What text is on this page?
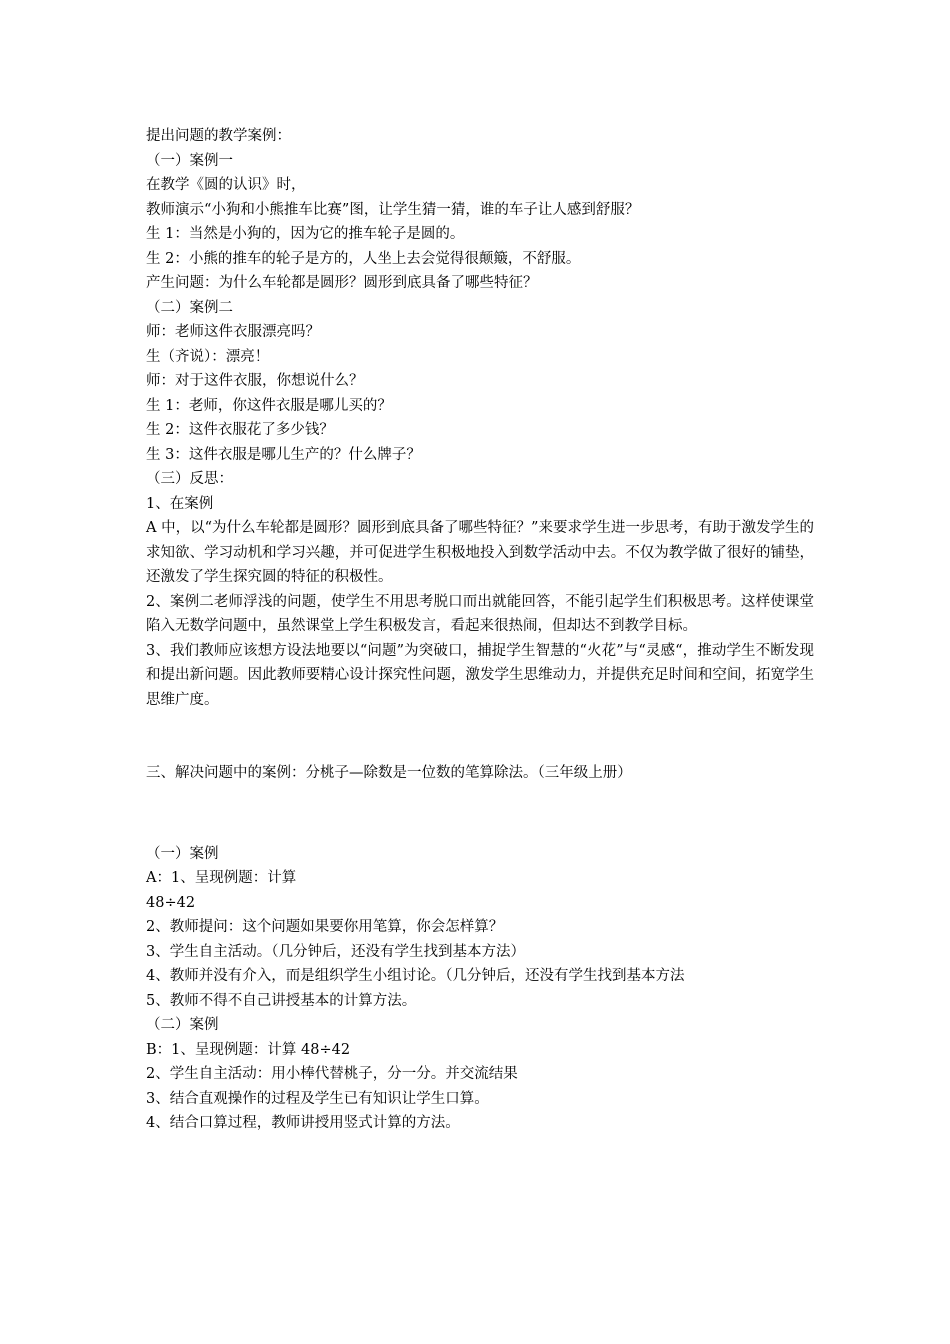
提出问题的教学案例：
（一）案例一
在教学《圆的认识》时，
教师演示“小狗和小熊推车比赛”图，让学生猜一猜，谁的车子让人感到舒服？
生 1：当然是小狗的，因为它的推车轮子是圆的。
生 2：小熊的推车的轮子是方的，人坐上去会觉得很颠簸，不舒服。
产生问题：为什么车轮都是圆形？圆形到底具备了哪些特征？
（二）案例二
师：老师这件衣服漂亮吗？
生（齐说）：漂亮！
师：对于这件衣服，你想说什么？
生 1：老师，你这件衣服是哪儿买的？
生 2：这件衣服花了多少钱？
生 3：这件衣服是哪儿生产的？什么牌子？
（三）反思：
1、在案例
A 中，以“为什么车轮都是圆形？圆形到底具备了哪些特征？”来要求学生进一步思考，有助于激发学生的求知欲、学习动机和学习兴趣，并可促进学生积极地投入到数学活动中去。不仅为教学做了很好的铺垫，还激发了学生探究圆的特征的积极性。
2、案例二老师浮浅的问题，使学生不用思考脱口而出就能回答，不能引起学生们积极思考。这样使课堂陷入无数学问题中，虽然课堂上学生积极发言，看起来很热闹，但却达不到教学目标。
3、我们教师应该想方设法地要以“问题”为突破口，捕捉学生智慧的“火花”与“灵感“，推动学生不断发现和提出新问题。因此教师要精心设计探究性问题，激发学生思维动力，并提供充足时间和空间，拓宽学生思维广度。
三、解决问题中的案例：分桃子—除数是一位数的笔算除法。（三年级上册）
（一）案例
A：1、呈现例题：计算
48÷42
2、教师提问：这个问题如果要你用笔算，你会怎样算？
3、学生自主活动。（几分钟后，还没有学生找到基本方法）
4、教师并没有介入，而是组织学生小组讨论。（几分钟后，还没有学生找到基本方法
5、教师不得不自己讲授基本的计算方法。
（二）案例
B：1、呈现例题：计算 48÷42
2、学生自主活动：用小棒代替桃子，分一分。并交流结果
3、结合直观操作的过程及学生已有知识让学生口算。
4、结合口算过程，教师讲授用竖式计算的方法。
